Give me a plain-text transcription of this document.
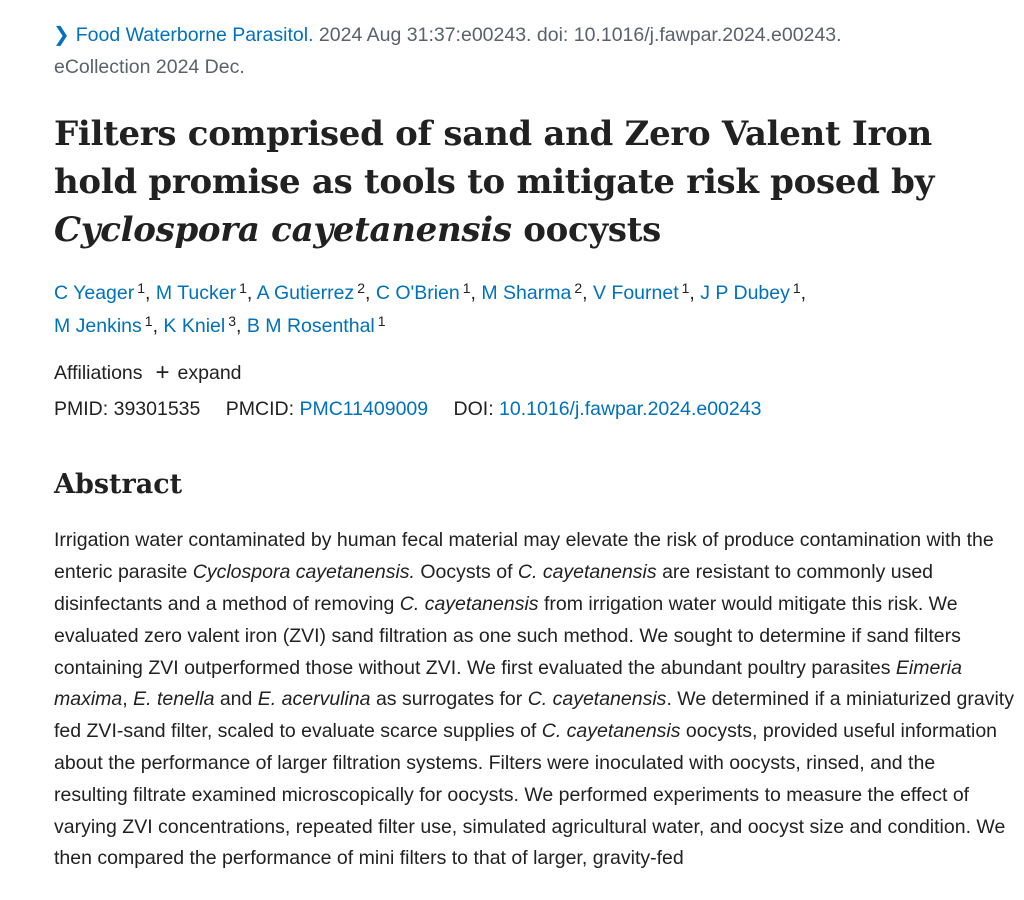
❯ Food Waterborne Parasitol. 2024 Aug 31:37:e00243. doi: 10.1016/j.fawpar.2024.e00243.
eCollection 2024 Dec.
Filters comprised of sand and Zero Valent Iron hold promise as tools to mitigate risk posed by Cyclospora cayetanensis oocysts
C Yeager $^1$, M Tucker $^1$, A Gutierrez $^2$, C O'Brien $^1$, M Sharma $^2$, V Fournet $^1$, J P Dubey $^1$,
M Jenkins $^1$, K Kniel $^3$, B M Rosenthal $^1$
Affiliations + expand
PMID: 39301535 PMCID: PMC11409009 DOI: 10.1016/j.fawpar.2024.e00243
Abstract

Irrigation water contaminated by human fecal material may elevate the risk of produce contamination with the enteric parasite Cyclospora cayetanensis. Oocysts of C. cayetanensis are resistant to commonly used disinfectants and a method of removing C. cayetanensis from irrigation water would mitigate this risk. We evaluated zero valent iron (ZVI) sand filtration as one such method. We sought to determine if sand filters containing ZVI outperformed those without ZVI. We first evaluated the abundant poultry parasites Eimeria maxima, E. tenella and E. acervulina as surrogates for C. cayetanensis. We determined if a miniaturized gravity fed ZVI-sand filter, scaled to evaluate scarce supplies of C. cayetanensis oocysts, provided useful information about the performance of larger filtration systems. Filters were inoculated with oocysts, rinsed, and the resulting filtrate examined microscopically for oocysts. We performed experiments to measure the effect of varying ZVI concentrations, repeated filter use, simulated agricultural water, and oocyst size and condition. We then compared the performance of mini filters to that of larger, gravity-fed
